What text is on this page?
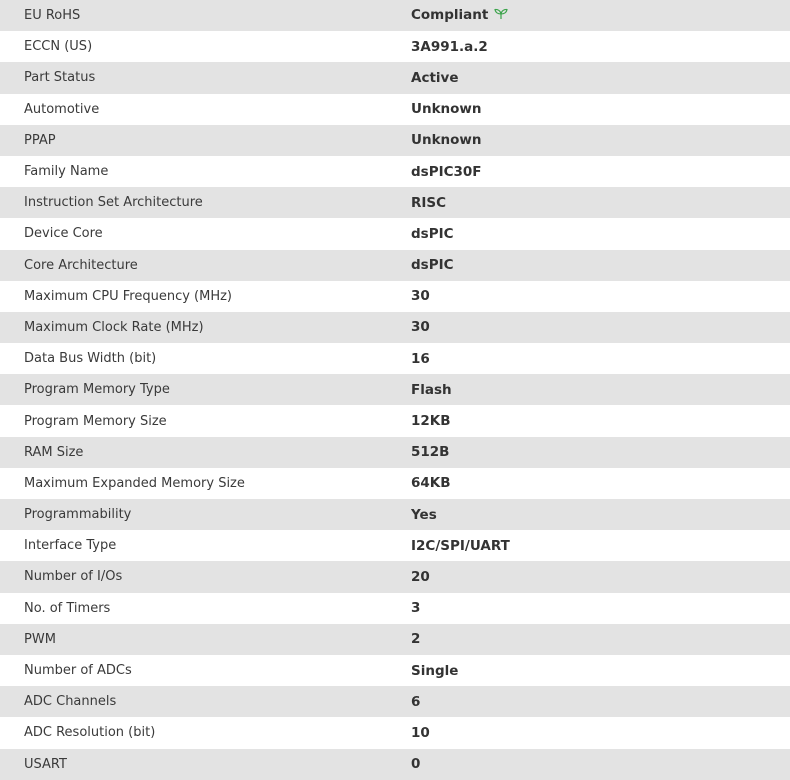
EU RoHS	Compliant
ECCN (US)	3A991.a.2
Part Status	Active
Automotive	Unknown
PPAP	Unknown
Family Name	dsPIC30F
Instruction Set Architecture	RISC
Device Core	dsPIC
Core Architecture	dsPIC
Maximum CPU Frequency (MHz)	30
Maximum Clock Rate (MHz)	30
Data Bus Width (bit)	16
Program Memory Type	Flash
Program Memory Size	12KB
RAM Size	512B
Maximum Expanded Memory Size	64KB
Programmability	Yes
Interface Type	I2C/SPI/UART
Number of I/Os	20
No. of Timers	3
PWM	2
Number of ADCs	Single
ADC Channels	6
ADC Resolution (bit)	10
USART	0
